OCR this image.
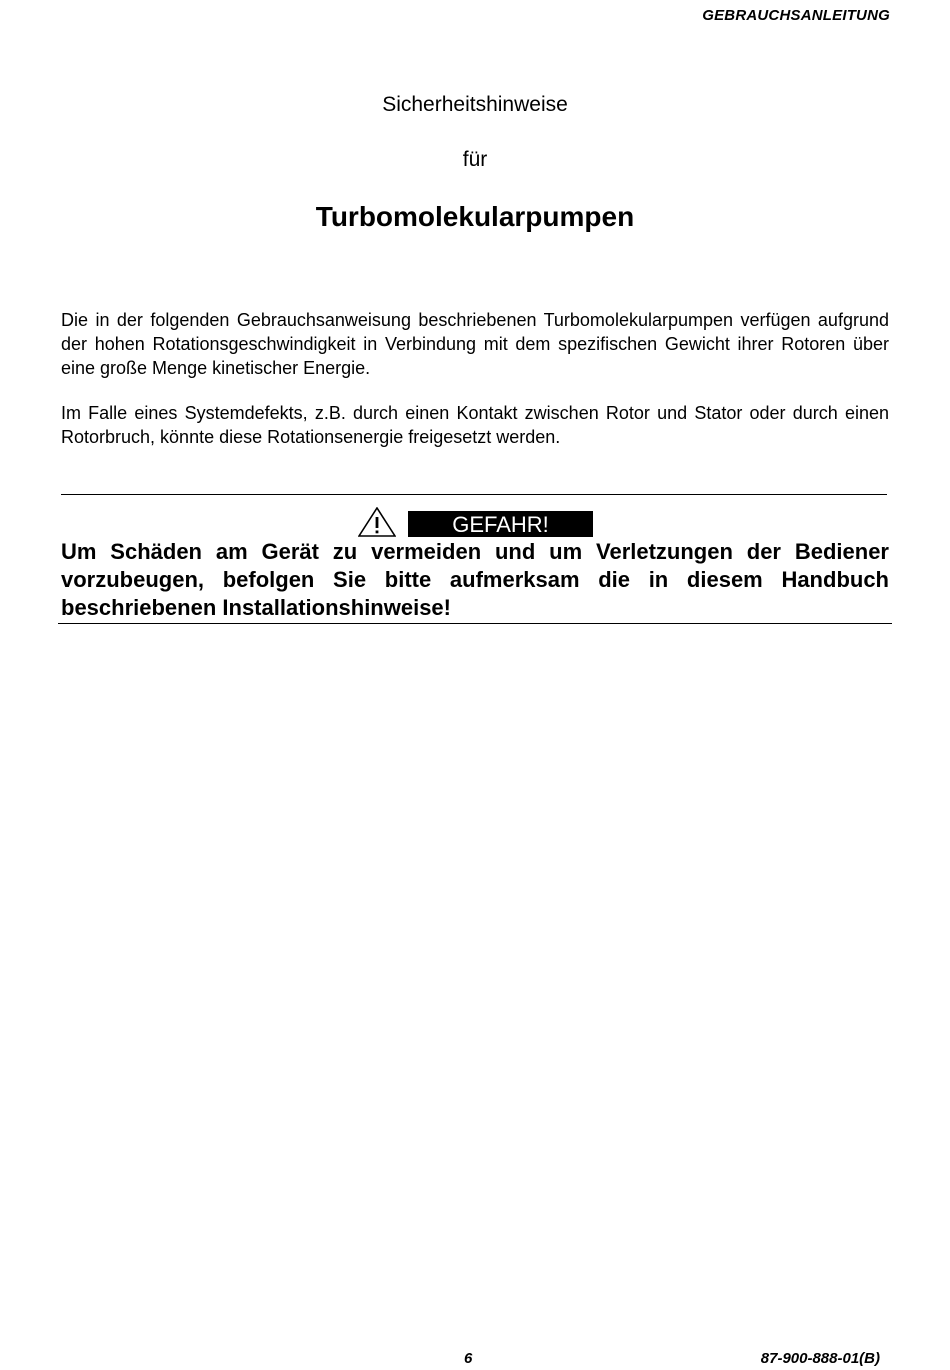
GEBRAUCHSANLEITUNG
Sicherheitshinweise
für
Turbomolekularpumpen
Die in der folgenden Gebrauchsanweisung beschriebenen Turbomolekularpumpen verfügen aufgrund der hohen Rotationsgeschwindigkeit in Verbindung mit dem spezifischen Gewicht ihrer Rotoren über eine große Menge kinetischer Energie.
Im Falle eines Systemdefekts, z.B. durch einen Kontakt zwischen Rotor und Stator oder durch einen Rotorbruch, könnte diese Rotationsenergie freigesetzt werden.
GEFAHR!
Um Schäden am Gerät zu vermeiden und um Verletzungen der Bediener vorzubeugen, befolgen Sie bitte aufmerksam die in diesem Handbuch beschriebenen Installationshinweise!
6	87-900-888-01(B)
